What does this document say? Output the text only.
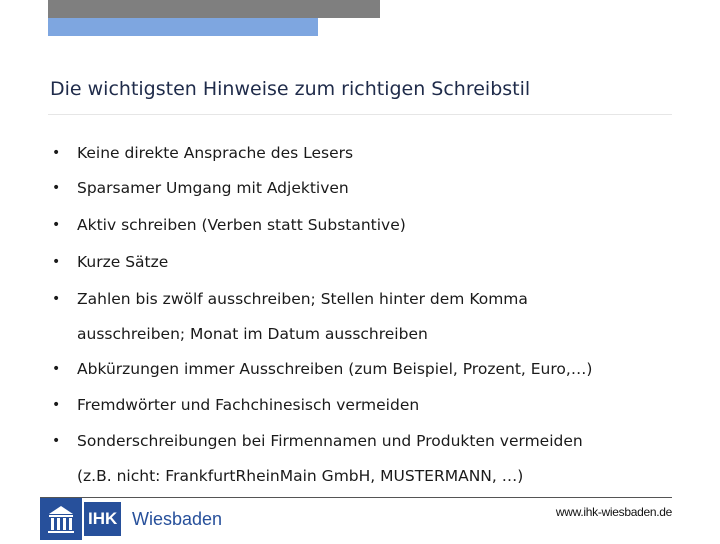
Die wichtigsten Hinweise zum richtigen Schreibstil
• Keine direkte Ansprache des Lesers
• Sparsamer Umgang mit Adjektiven
• Aktiv schreiben (Verben statt Substantive)
• Kurze Sätze
• Zahlen bis zwölf ausschreiben; Stellen hinter dem Komma ausschreiben; Monat im Datum ausschreiben
• Abkürzungen immer Ausschreiben (zum Beispiel, Prozent, Euro,…)
• Fremdwörter und Fachchinesisch vermeiden
• Sonderschreibungen bei Firmennamen und Produkten vermeiden (z.B. nicht: FrankfurtRheinMain GmbH, MUSTERMANN, …)
IHK Wiesbaden	www.ihk-wiesbaden.de
